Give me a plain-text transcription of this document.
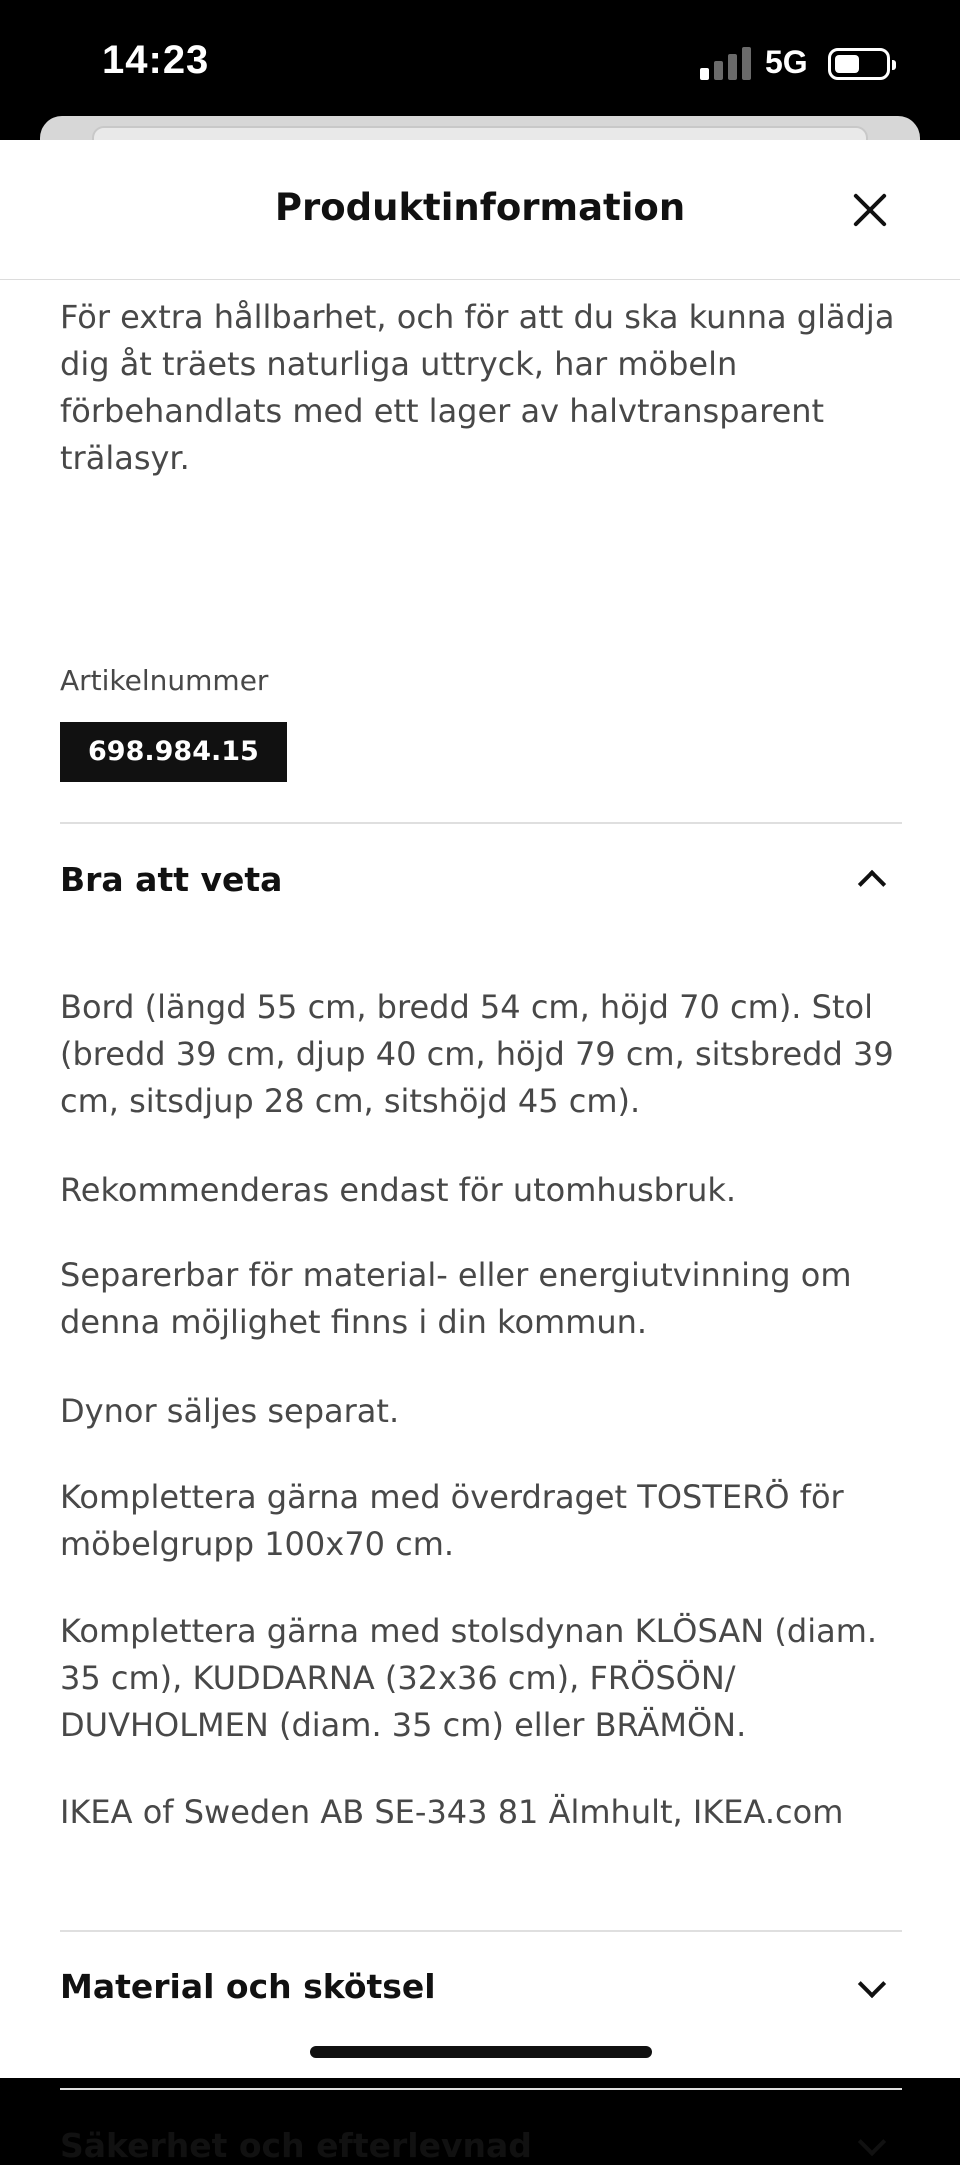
14:23	5G
Produktinformation

För extra hållbarhet, och för att du ska kunna glädja dig åt träets naturliga uttryck, har möbeln förbehandlats med ett lager av halvtransparent trälasyr.

Artikelnummer
698.984.15
Bra att veta

Bord (längd 55 cm, bredd 54 cm, höjd 70 cm). Stol (bredd 39 cm, djup 40 cm, höjd 79 cm, sitsbredd 39 cm, sitsdjup 28 cm, sitshöjd 45 cm).

Rekommenderas endast för utomhusbruk.

Separerbar för material- eller energiutvinning om denna möjlighet finns i din kommun.

Dynor säljes separat.

Komplettera gärna med överdraget TOSTERÖ för möbelgrupp 100x70 cm.

Komplettera gärna med stolsdynan KLÖSAN (diam. 35 cm), KUDDARNA (32x36 cm), FRÖSÖN/ DUVHOLMEN (diam. 35 cm) eller BRÄMÖN.

IKEA of Sweden AB SE-343 81 Älmhult, IKEA.com

Material och skötsel
Säkerhet och efterlevnad
